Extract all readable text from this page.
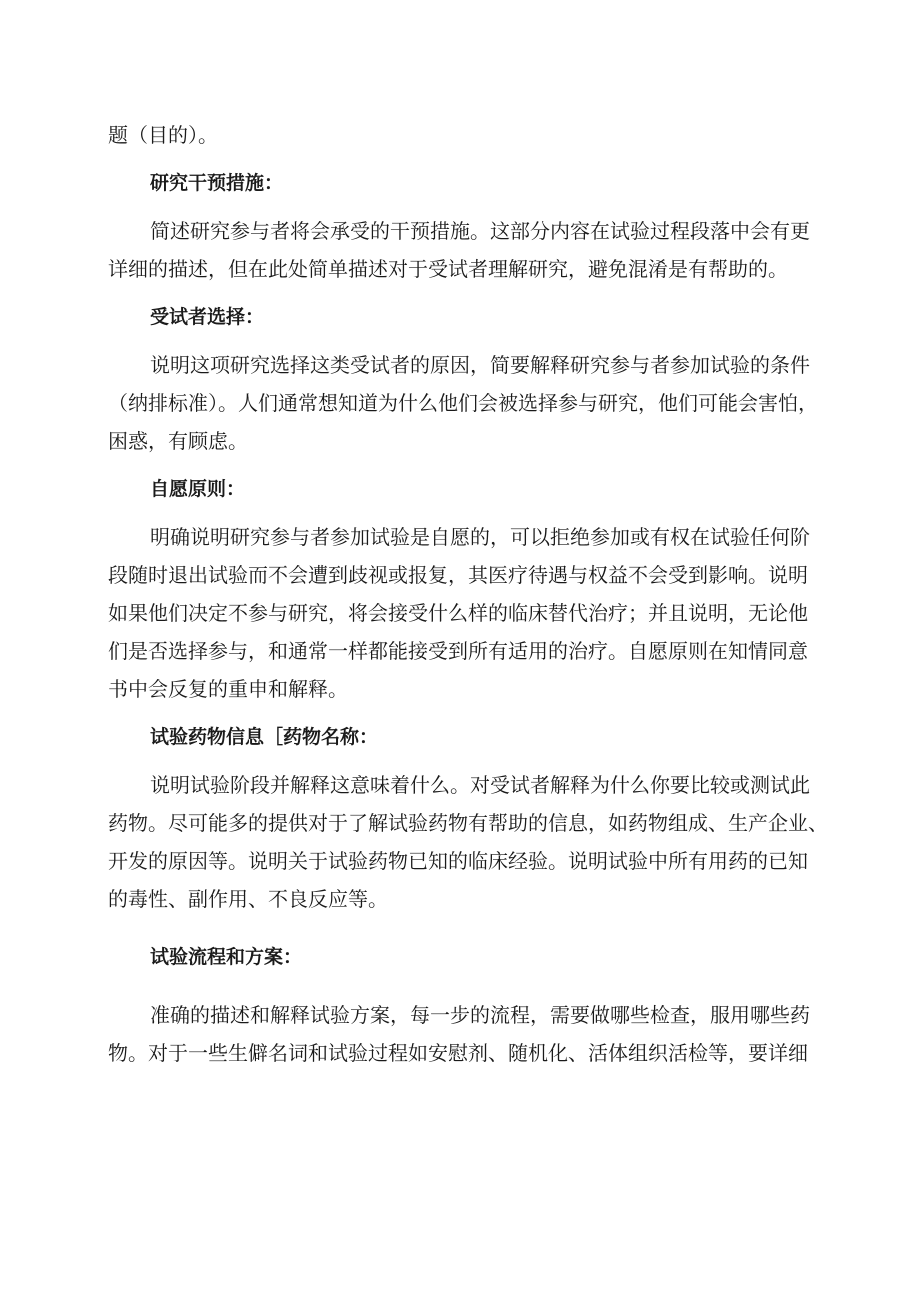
题（目的）。

研究干预措施：

简述研究参与者将会承受的干预措施。这部分内容在试验过程段落中会有更

详细的描述，但在此处简单描述对于受试者理解研究，避免混淆是有帮助的。

受试者选择：

说明这项研究选择这类受试者的原因，简要解释研究参与者参加试验的条件

（纳排标准）。人们通常想知道为什么他们会被选择参与研究，他们可能会害怕，

困惑，有顾虑。

自愿原则：

明确说明研究参与者参加试验是自愿的，可以拒绝参加或有权在试验任何阶

段随时退出试验而不会遭到歧视或报复，其医疗待遇与权益不会受到影响。说明

如果他们决定不参与研究，将会接受什么样的临床替代治疗；并且说明，无论他

们是否选择参与，和通常一样都能接受到所有适用的治疗。自愿原则在知情同意

书中会反复的重申和解释。

试验药物信息［药物名称：

说明试验阶段并解释这意味着什么。对受试者解释为什么你要比较或测试此

药物。尽可能多的提供对于了解试验药物有帮助的信息，如药物组成、生产企业、

开发的原因等。说明关于试验药物已知的临床经验。说明试验中所有用药的已知

的毒性、副作用、不良反应等。

试验流程和方案：

准确的描述和解释试验方案，每一步的流程，需要做哪些检查，服用哪些药

物。对于一些生僻名词和试验过程如安慰剂、随机化、活体组织活检等，要详细
